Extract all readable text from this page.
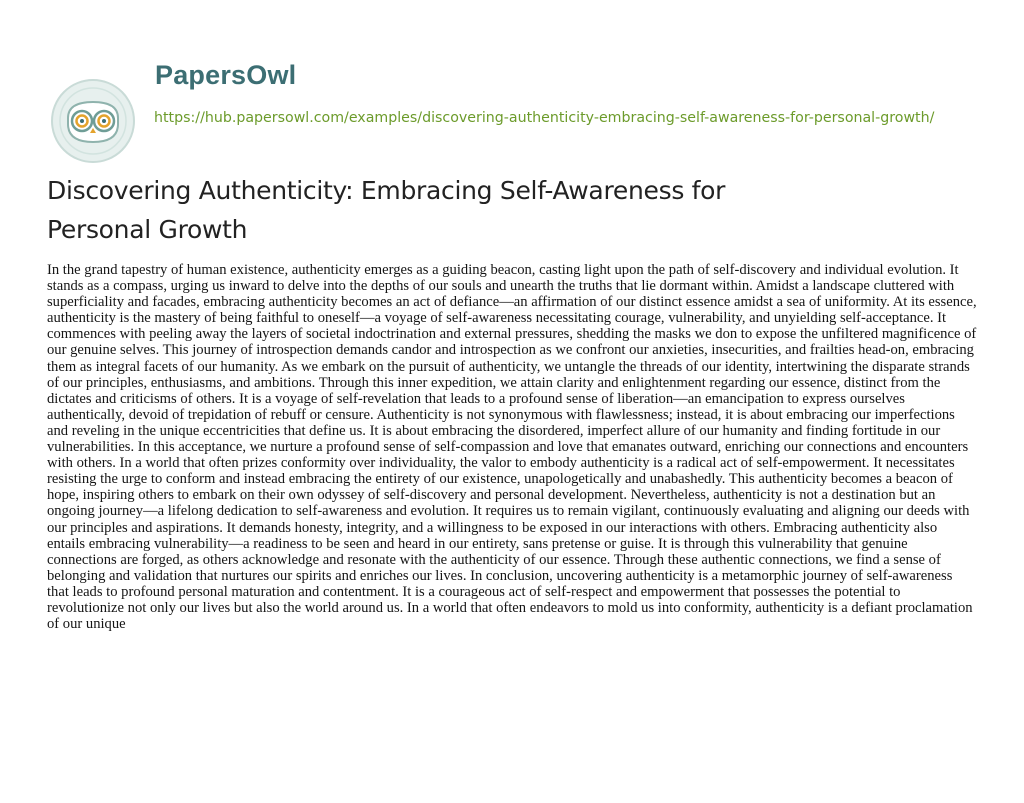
PapersOwl
https://hub.papersowl.com/examples/discovering-authenticity-embracing-self-awareness-for-personal-growth/
Discovering Authenticity: Embracing Self-Awareness for Personal Growth

In the grand tapestry of human existence, authenticity emerges as a guiding beacon, casting light upon the path of self-discovery and individual evolution. It stands as a compass, urging us inward to delve into the depths of our souls and unearth the truths that lie dormant within. Amidst a landscape cluttered with superficiality and facades, embracing authenticity becomes an act of defiance—an affirmation of our distinct essence amidst a sea of uniformity. At its essence, authenticity is the mastery of being faithful to oneself—a voyage of self-awareness necessitating courage, vulnerability, and unyielding self-acceptance. It commences with peeling away the layers of societal indoctrination and external pressures, shedding the masks we don to expose the unfiltered magnificence of our genuine selves. This journey of introspection demands candor and introspection as we confront our anxieties, insecurities, and frailties head-on, embracing them as integral facets of our humanity. As we embark on the pursuit of authenticity, we untangle the threads of our identity, intertwining the disparate strands of our principles, enthusiasms, and ambitions. Through this inner expedition, we attain clarity and enlightenment regarding our essence, distinct from the dictates and criticisms of others. It is a voyage of self-revelation that leads to a profound sense of liberation—an emancipation to express ourselves authentically, devoid of trepidation of rebuff or censure. Authenticity is not synonymous with flawlessness; instead, it is about embracing our imperfections and reveling in the unique eccentricities that define us. It is about embracing the disordered, imperfect allure of our humanity and finding fortitude in our vulnerabilities. In this acceptance, we nurture a profound sense of self-compassion and love that emanates outward, enriching our connections and encounters with others. In a world that often prizes conformity over individuality, the valor to embody authenticity is a radical act of self-empowerment. It necessitates resisting the urge to conform and instead embracing the entirety of our existence, unapologetically and unabashedly. This authenticity becomes a beacon of hope, inspiring others to embark on their own odyssey of self-discovery and personal development. Nevertheless, authenticity is not a destination but an ongoing journey—a lifelong dedication to self-awareness and evolution. It requires us to remain vigilant, continuously evaluating and aligning our deeds with our principles and aspirations. It demands honesty, integrity, and a willingness to be exposed in our interactions with others. Embracing authenticity also entails embracing vulnerability—a readiness to be seen and heard in our entirety, sans pretense or guise. It is through this vulnerability that genuine connections are forged, as others acknowledge and resonate with the authenticity of our essence. Through these authentic connections, we find a sense of belonging and validation that nurtures our spirits and enriches our lives. In conclusion, uncovering authenticity is a metamorphic journey of self-awareness that leads to profound personal maturation and contentment. It is a courageous act of self-respect and empowerment that possesses the potential to revolutionize not only our lives but also the world around us. In a world that often endeavors to mold us into conformity, authenticity is a defiant proclamation of our unique
